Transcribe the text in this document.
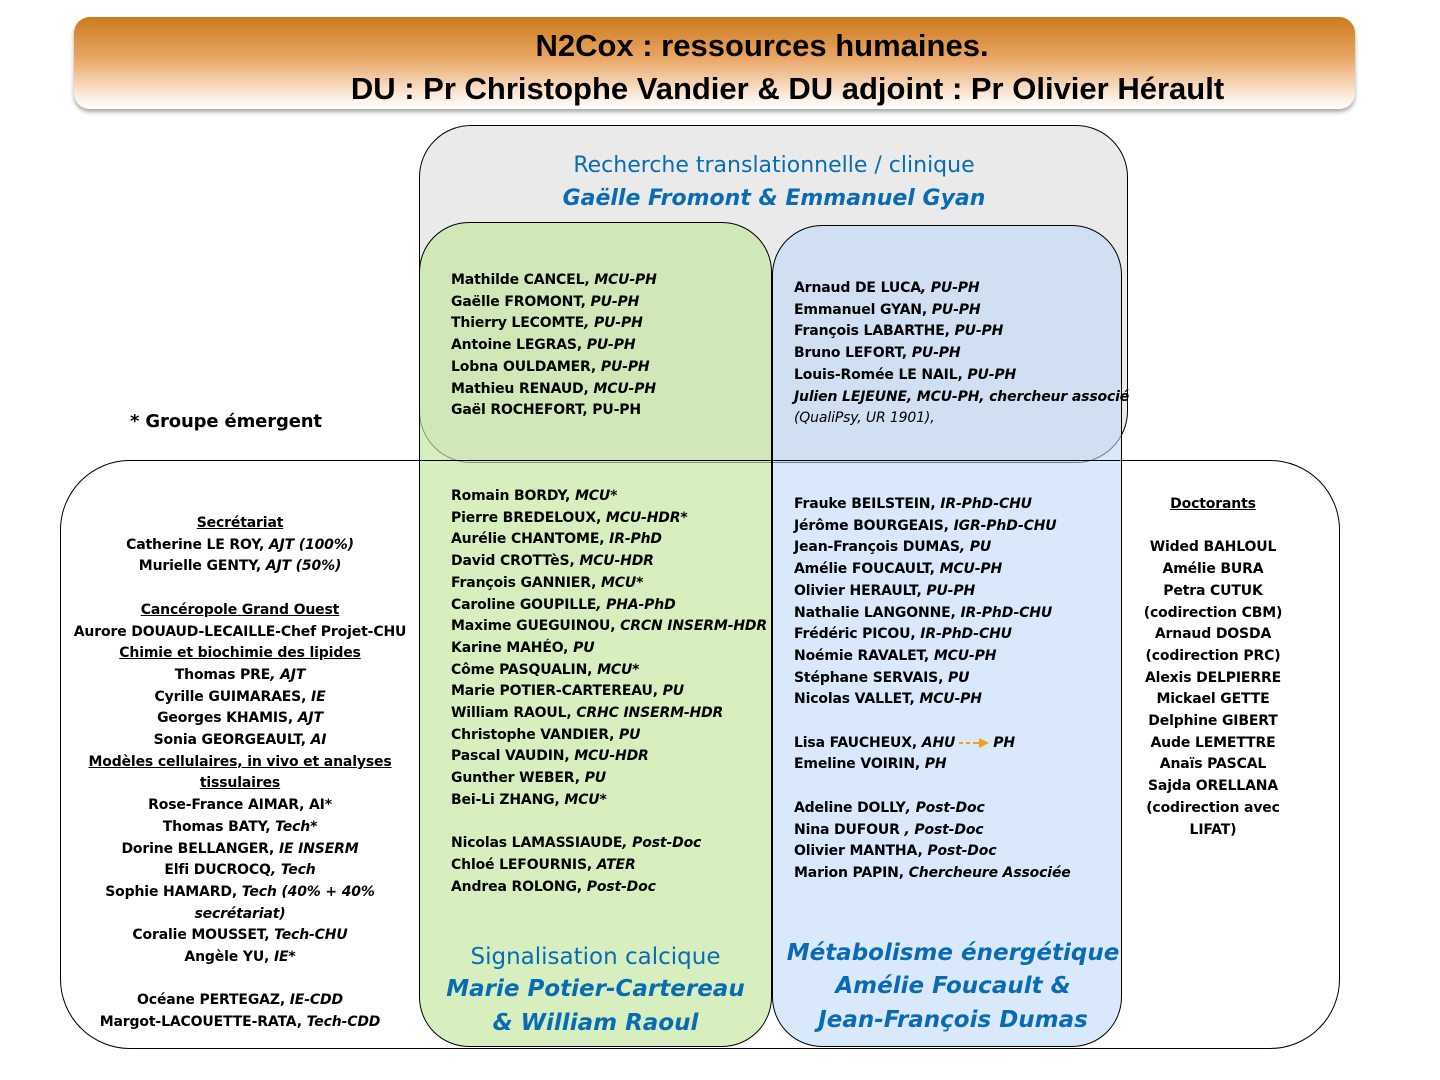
N2Cox : ressources humaines.
DU : Pr Christophe Vandier & DU adjoint : Pr Olivier Hérault
Recherche translationnelle / clinique
Gaëlle Fromont & Emmanuel Gyan
* Groupe émergent
Mathilde CANCEL, MCU-PH
Gaëlle FROMONT, PU-PH
Thierry LECOMTE, PU-PH
Antoine LEGRAS, PU-PH
Lobna OULDAMER, PU-PH
Mathieu RENAUD, MCU-PH
Gaël ROCHEFORT, PU-PH
Arnaud DE LUCA, PU-PH
Emmanuel GYAN, PU-PH
François LABARTHE, PU-PH
Bruno LEFORT, PU-PH
Louis-Romée LE NAIL, PU-PH
Julien LEJEUNE, MCU-PH, chercheur associé
(QualiPsy, UR 1901),
Romain BORDY, MCU*
Pierre BREDELOUX, MCU-HDR*
Aurélie CHANTOME, IR-PhD
David CROTTèS, MCU-HDR
François GANNIER, MCU*
Caroline GOUPILLE, PHA-PhD
Maxime GUEGUINOU, CRCN INSERM-HDR
Karine MAHÉO, PU
Côme PASQUALIN, MCU*
Marie POTIER-CARTEREAU, PU
William RAOUL, CRHC INSERM-HDR
Christophe VANDIER, PU
Pascal VAUDIN, MCU-HDR
Gunther WEBER, PU
Bei-Li ZHANG, MCU*
Nicolas LAMASSIAUDE, Post-Doc
Chloé LEFOURNIS, ATER
Andrea ROLONG, Post-Doc
Frauke BEILSTEIN, IR-PhD-CHU
Jérôme BOURGEAIS, IGR-PhD-CHU
Jean-François DUMAS, PU
Amélie FOUCAULT, MCU-PH
Olivier HERAULT, PU-PH
Nathalie LANGONNE, IR-PhD-CHU
Frédéric PICOU, IR-PhD-CHU
Noémie RAVALET, MCU-PH
Stéphane SERVAIS, PU
Nicolas VALLET, MCU-PH
Lisa FAUCHEUX, AHU	PH
Emeline VOIRIN, PH
Adeline DOLLY, Post-Doc
Nina DUFOUR , Post-Doc
Olivier MANTHA, Post-Doc
Marion PAPIN, Chercheure Associée
Secrétariat
Catherine LE ROY, AJT (100%)
Murielle GENTY, AJT (50%)
Cancéropole Grand Ouest
Aurore DOUAUD-LECAILLE-Chef Projet-CHU
Chimie et biochimie des lipides
Thomas PRE, AJT
Cyrille GUIMARAES, IE
Georges KHAMIS, AJT
Sonia GEORGEAULT, AI
Modèles cellulaires, in vivo et analyses
tissulaires
Rose-France AIMAR, AI*
Thomas BATY, Tech*
Dorine BELLANGER, IE INSERM
Elfi DUCROCQ, Tech
Sophie HAMARD, Tech (40% + 40%
secrétariat)
Coralie MOUSSET, Tech-CHU
Angèle YU, IE*
Océane PERTEGAZ, IE-CDD
Margot-LACOUETTE-RATA, Tech-CDD
Doctorants
Wided BAHLOUL
Amélie BURA
Petra CUTUK
(codirection CBM)
Arnaud DOSDA
(codirection PRC)
Alexis DELPIERRE
Mickael GETTE
Delphine GIBERT
Aude LEMETTRE
Anaïs PASCAL
Sajda ORELLANA
(codirection avec
LIFAT)
Signalisation calcique
Marie Potier-Cartereau
& William Raoul
Métabolisme énergétique
Amélie Foucault &
Jean-François Dumas
